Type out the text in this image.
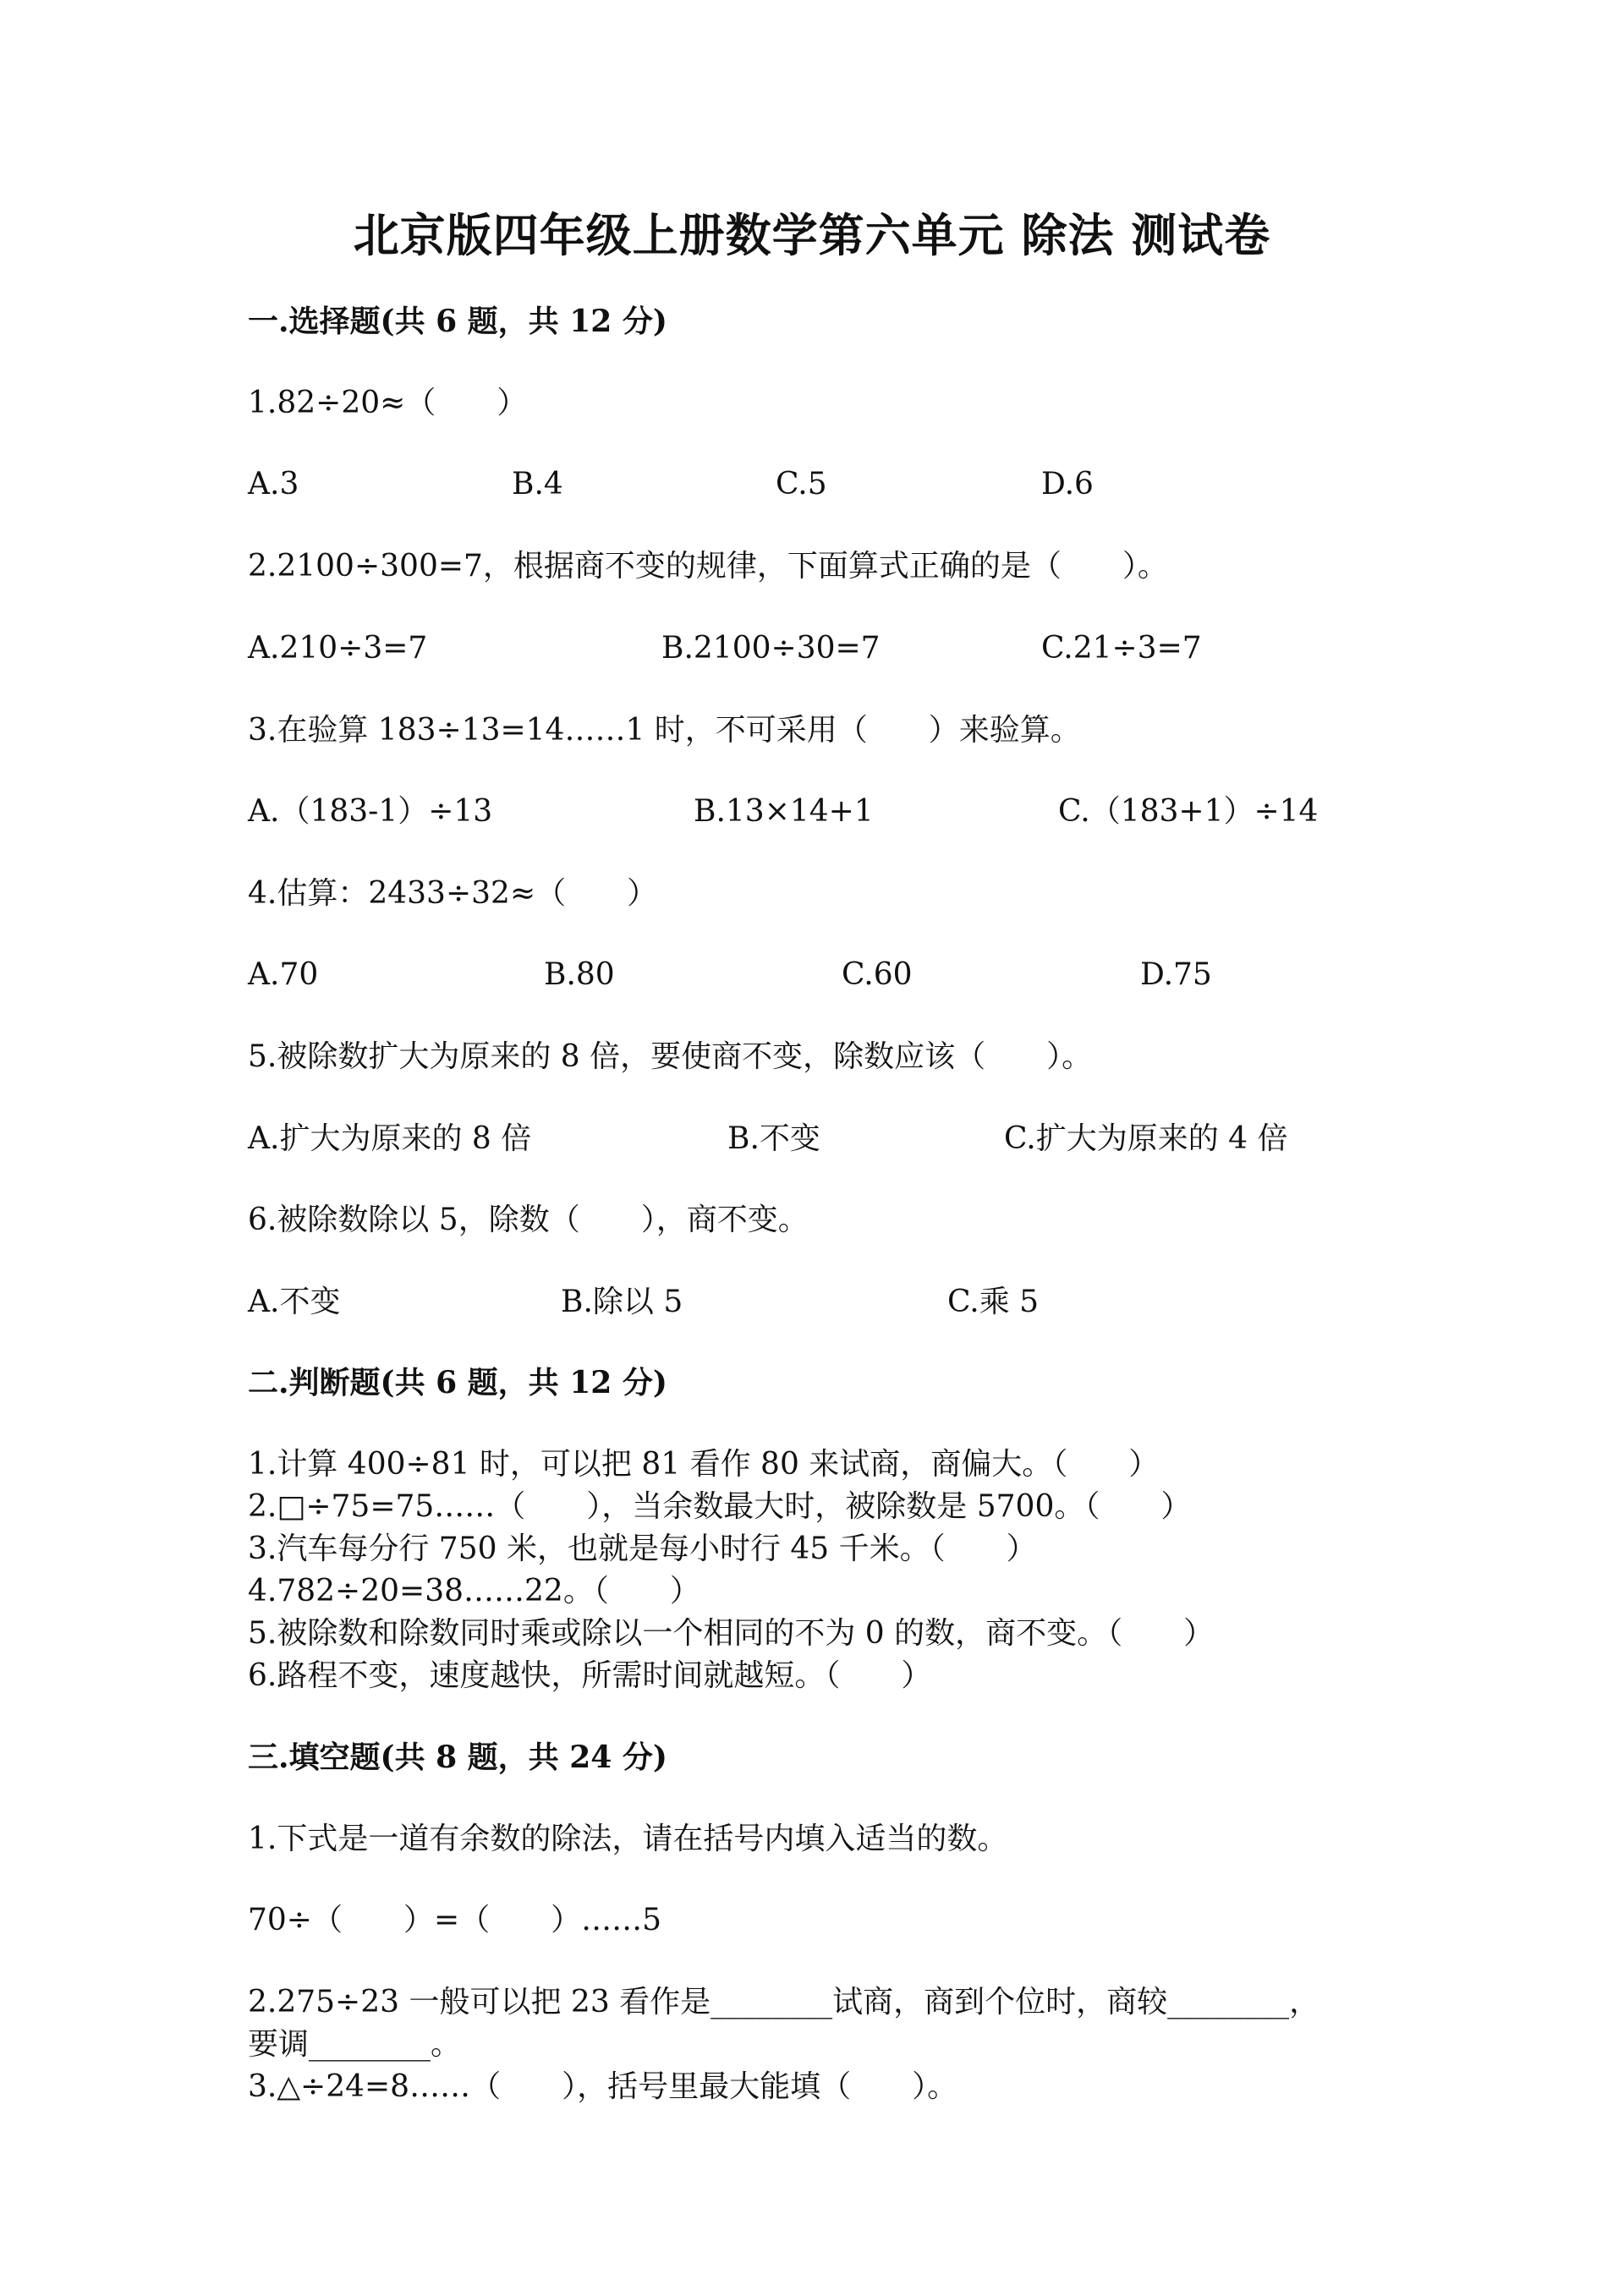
北京版四年级上册数学第六单元 除法 测试卷
一.选择题(共 6 题，共 12 分)
1.82÷20≈（　　）
A.3	B.4	C.5	D.6
2.2100÷300=7，根据商不变的规律，下面算式正确的是（　　）。
A.210÷3=7	B.2100÷30=7	C.21÷3=7
3.在验算 183÷13=14……1 时，不可采用（　　）来验算。
A.（183-1）÷13	B.13×14+1	C.（183+1）÷14
4.估算：2433÷32≈（　　）
A.70	B.80	C.60	D.75
5.被除数扩大为原来的 8 倍，要使商不变，除数应该（　　）。
A.扩大为原来的 8 倍	B.不变	C.扩大为原来的 4 倍
6.被除数除以 5，除数（　　），商不变。
A.不变	B.除以 5	C.乘 5
二.判断题(共 6 题，共 12 分)
1.计算 400÷81 时，可以把 81 看作 80 来试商，商偏大。（　　）
2.□÷75=75……（　　），当余数最大时，被除数是 5700。（　　）
3.汽车每分行 750 米，也就是每小时行 45 千米。（　　）
4.782÷20=38……22。（　　）
5.被除数和除数同时乘或除以一个相同的不为 0 的数，商不变。（　　）
6.路程不变，速度越快，所需时间就越短。（　　）
三.填空题(共 8 题，共 24 分)
1.下式是一道有余数的除法，请在括号内填入适当的数。
70÷（　　）=（　　）……5
2.275÷23 一般可以把 23 看作是________试商，商到个位时，商较________，
要调________。
3.△÷24=8……（　　），括号里最大能填（　　）。
